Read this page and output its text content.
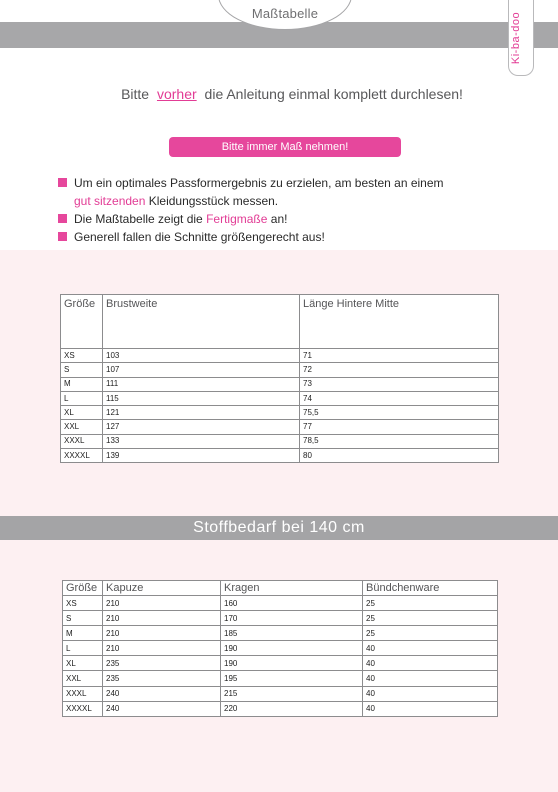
Maßtabelle	Ki-ba-doo
Bitte vorher die Anleitung einmal komplett durchlesen!
Bitte immer Maß nehmen!
Um ein optimales Passformergebnis zu erzielen, am besten an einem
gut sitzenden Kleidungsstück messen.
Die Maßtabelle zeigt die Fertigmaße an!
Generell fallen die Schnitte größengerecht aus!
Größe	Brustweite	Länge Hintere Mitte
XS	103	71
S	107	72
M	111	73
L	115	74
XL	121	75,5
XXL	127	77
XXXL	133	78,5
XXXXL	139	80
Stoffbedarf bei 140 cm
Größe	Kapuze	Kragen	Bündchenware
XS	210	160	25
S	210	170	25
M	210	185	25
L	210	190	40
XL	235	190	40
XXL	235	195	40
XXXL	240	215	40
XXXXL	240	220	40
